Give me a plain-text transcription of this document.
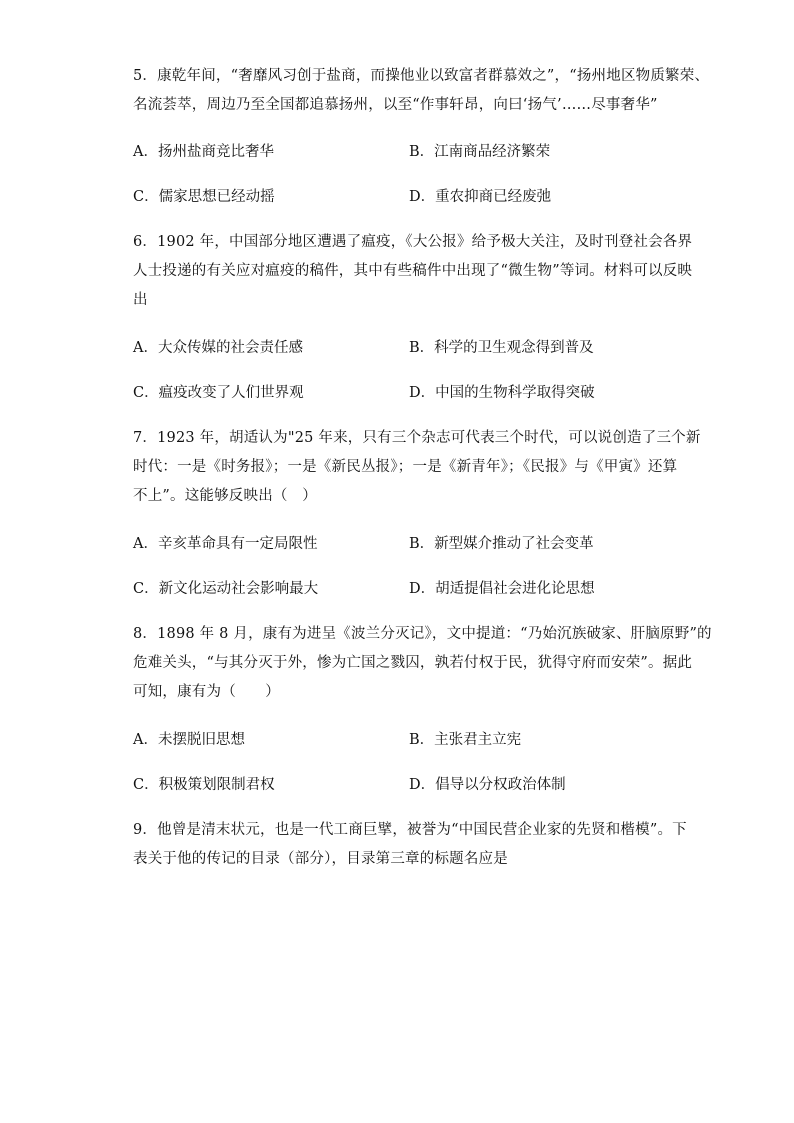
5．康乾年间，“奢靡风习创于盐商，而操他业以致富者群慕效之”，“扬州地区物质繁荣、
名流荟萃，周边乃至全国都追慕扬州，以至“作事轩昂，向曰‘扬气’……尽事奢华”
A．扬州盐商竞比奢华	B．江南商品经济繁荣
C．儒家思想已经动摇	D．重农抑商已经废弛
6．1902 年，中国部分地区遭遇了瘟疫，《大公报》给予极大关注，及时刊登社会各界
人士投递的有关应对瘟疫的稿件，其中有些稿件中出现了“微生物”等词。材料可以反映
出
A．大众传媒的社会责任感	B．科学的卫生观念得到普及
C．瘟疫改变了人们世界观	D．中国的生物科学取得突破
7．1923 年，胡适认为"25 年来，只有三个杂志可代表三个时代，可以说创造了三个新
时代：一是《时务报》；一是《新民丛报》；一是《新青年》；《民报》与《甲寅》还算
不上”。这能够反映出（　）
A．辛亥革命具有一定局限性	B．新型媒介推动了社会变革
C．新文化运动社会影响最大	D．胡适提倡社会进化论思想
8．1898 年 8 月，康有为进呈《波兰分灭记》，文中提道：“乃始沉族破家、肝脑原野”的
危难关头，“与其分灭于外，惨为亡国之戮囚，孰若付权于民，犹得守府而安荣”。据此
可知，康有为（　　）
A．未摆脱旧思想	B．主张君主立宪
C．积极策划限制君权	D．倡导以分权政治体制
9．他曾是清末状元，也是一代工商巨擘，被誉为“中国民营企业家的先贤和楷模”。下
表关于他的传记的目录（部分），目录第三章的标题名应是
